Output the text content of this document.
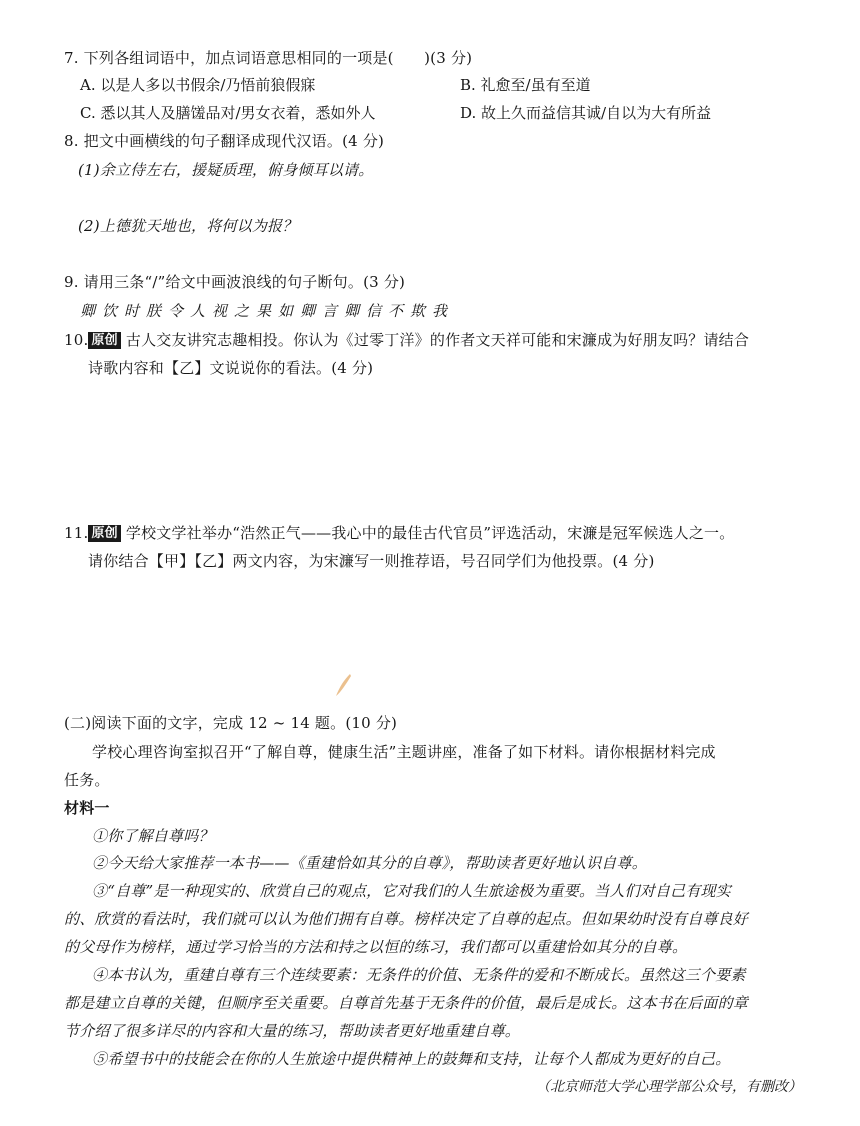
7. 下列各组词语中，加点词语意思相同的一项是(　　)(3 分)
A. 以是人多以书假余/乃悟前狼假寐	B. 礼愈至/虽有至道
C. 悉以其人及膳馐品对/男女衣着，悉如外人	D. 故上久而益信其诚/自以为大有所益
8. 把文中画横线的句子翻译成现代汉语。(4 分)
(1)余立侍左右，援疑质理，俯身倾耳以请。
(2)上德犹天地也，将何以为报？
9. 请用三条“/”给文中画波浪线的句子断句。(3 分)
卿饮时朕令人视之果如卿言卿信不欺我
10. 原创 古人交友讲究志趣相投。你认为《过零丁洋》的作者文天祥可能和宋濂成为好朋友吗？请结合
诗歌内容和【乙】文说说你的看法。(4 分)
11. 原创 学校文学社举办“浩然正气——我心中的最佳古代官员”评选活动，宋濂是冠军候选人之一。
请你结合【甲】【乙】两文内容，为宋濂写一则推荐语，号召同学们为他投票。(4 分)
(二)阅读下面的文字，完成 12 ~ 14 题。(10 分)
学校心理咨询室拟召开“了解自尊，健康生活”主题讲座，准备了如下材料。请你根据材料完成
任务。
材料一
①你了解自尊吗？
②今天给大家推荐一本书——《重建恰如其分的自尊》，帮助读者更好地认识自尊。
③“自尊”是一种现实的、欣赏自己的观点，它对我们的人生旅途极为重要。当人们对自己有现实
的、欣赏的看法时，我们就可以认为他们拥有自尊。榜样决定了自尊的起点。但如果幼时没有自尊良好
的父母作为榜样，通过学习恰当的方法和持之以恒的练习，我们都可以重建恰如其分的自尊。
④本书认为，重建自尊有三个连续要素：无条件的价值、无条件的爱和不断成长。虽然这三个要素
都是建立自尊的关键，但顺序至关重要。自尊首先基于无条件的价值，最后是成长。这本书在后面的章
节介绍了很多详尽的内容和大量的练习，帮助读者更好地重建自尊。
⑤希望书中的技能会在你的人生旅途中提供精神上的鼓舞和支持，让每个人都成为更好的自己。
（北京师范大学心理学部公众号，有删改）
